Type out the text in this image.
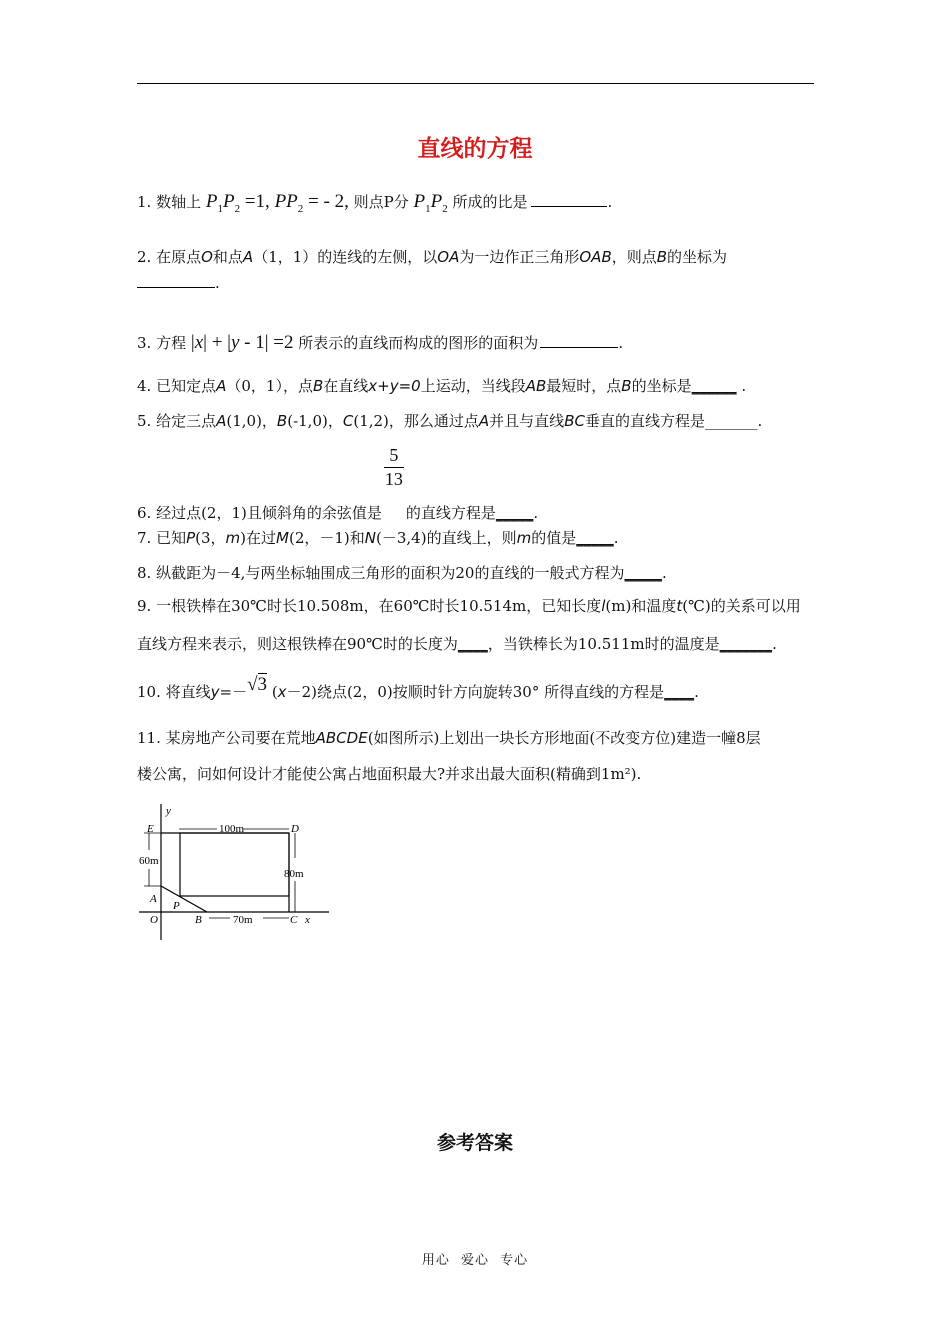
直线的方程
1. 数轴上 $P_1P_2 =1$, $PP_2$ = - 2, 则点P分 $P_1P_2$ 所成的比是	.
2. 在原点O和点A（1，1）的连线的左侧，以OA为一边作正三角形OAB，则点B的坐标为
.
3. 方程 |x| + |y - 1| =2 所表示的直线而构成的图形的面积为	.
4. 已知定点A（0，1），点B在直线x+y=0上运动，当线段AB最短时，点B的坐标是______ .
5. 给定三点A(1,0)，B(-1,0)，C(1,2)，那么通过点A并且与直线BC垂直的直线方程是_______.
6. 经过点(2，1)且倾斜角的余弦值是
$\frac{5}{13}$
的直线方程是_____.
7. 已知P(3，m)在过M(2，－1)和N(－3,4)的直线上，则m的值是_____.
8. 纵截距为－4,与两坐标轴围成三角形的面积为20的直线的一般式方程为_____.
9. 一根铁棒在30℃时长10.508m，在60℃时长10.514m，已知长度l(m)和温度t(℃)的关系可以用
直线方程来表示，则这根铁棒在90℃时的长度为____，当铁棒长为10.511m时的温度是_______.
10. 将直线y=－√3 (x－2)绕点(2，0)按顺时针方向旋转30° 所得直线的方程是____.
11. 某房地产公司要在荒地ABCDE(如图所示)上划出一块长方形地面(不改变方位)建造一幢8层
楼公寓，问如何设计才能使公寓占地面积最大?并求出最大面积(精确到1m²).
y
E	D
100m
60m
80m
A
P
O	B	70m	C x
参考答案
用心 爱心 专心
